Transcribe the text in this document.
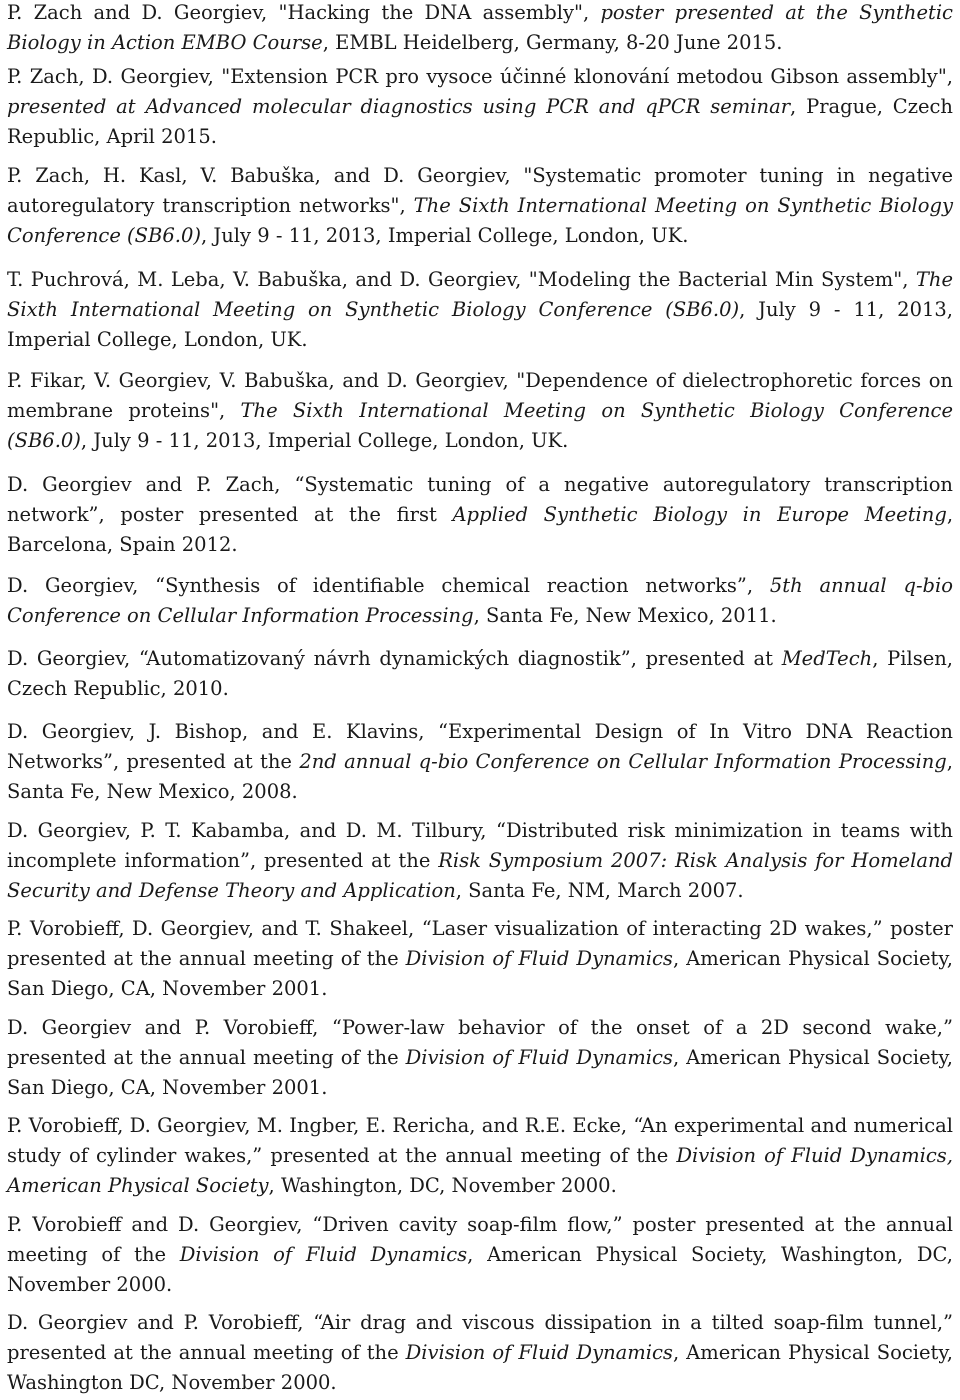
P. Zach and D. Georgiev, "Hacking the DNA assembly", poster presented at the Synthetic Biology in Action EMBO Course, EMBL Heidelberg, Germany, 8-20 June 2015.

P. Zach, D. Georgiev, "Extension PCR pro vysoce účinné klonování metodou Gibson assembly", presented at Advanced molecular diagnostics using PCR and qPCR seminar, Prague, Czech Republic, April 2015.

P. Zach, H. Kasl, V. Babuška, and D. Georgiev, "Systematic promoter tuning in negative autoregulatory transcription networks", The Sixth International Meeting on Synthetic Biology Conference (SB6.0), July 9 - 11, 2013, Imperial College, London, UK.

T. Puchrová, M. Leba, V. Babuška, and D. Georgiev, "Modeling the Bacterial Min System", The Sixth International Meeting on Synthetic Biology Conference (SB6.0), July 9 - 11, 2013, Imperial College, London, UK.

P. Fikar, V. Georgiev, V. Babuška, and D. Georgiev, "Dependence of dielectrophoretic forces on membrane proteins", The Sixth International Meeting on Synthetic Biology Conference (SB6.0), July 9 - 11, 2013, Imperial College, London, UK.

D. Georgiev and P. Zach, “Systematic tuning of a negative autoregulatory transcription network”, poster presented at the first Applied Synthetic Biology in Europe Meeting, Barcelona, Spain 2012.

D. Georgiev, “Synthesis of identifiable chemical reaction networks”, 5th annual q-bio Conference on Cellular Information Processing, Santa Fe, New Mexico, 2011.

D. Georgiev, “Automatizovaný návrh dynamických diagnostik”, presented at MedTech, Pilsen, Czech Republic, 2010.

D. Georgiev, J. Bishop, and E. Klavins, “Experimental Design of In Vitro DNA Reaction Networks”, presented at the 2nd annual q-bio Conference on Cellular Information Processing, Santa Fe, New Mexico, 2008.

D. Georgiev, P. T. Kabamba, and D. M. Tilbury, “Distributed risk minimization in teams with incomplete information”, presented at the Risk Symposium 2007: Risk Analysis for Homeland Security and Defense Theory and Application, Santa Fe, NM, March 2007.

P. Vorobieff, D. Georgiev, and T. Shakeel, “Laser visualization of interacting 2D wakes,” poster presented at the annual meeting of the Division of Fluid Dynamics, American Physical Society, San Diego, CA, November 2001.

D. Georgiev and P. Vorobieff, “Power-law behavior of the onset of a 2D second wake,” presented at the annual meeting of the Division of Fluid Dynamics, American Physical Society, San Diego, CA, November 2001.

P. Vorobieff, D. Georgiev, M. Ingber, E. Rericha, and R.E. Ecke, “An experimental and numerical study of cylinder wakes,” presented at the annual meeting of the Division of Fluid Dynamics, American Physical Society, Washington, DC, November 2000.

P. Vorobieff and D. Georgiev, “Driven cavity soap-film flow,” poster presented at the annual meeting of the Division of Fluid Dynamics, American Physical Society, Washington, DC, November 2000.

D. Georgiev and P. Vorobieff, “Air drag and viscous dissipation in a tilted soap-film tunnel,” presented at the annual meeting of the Division of Fluid Dynamics, American Physical Society, Washington DC, November 2000.
